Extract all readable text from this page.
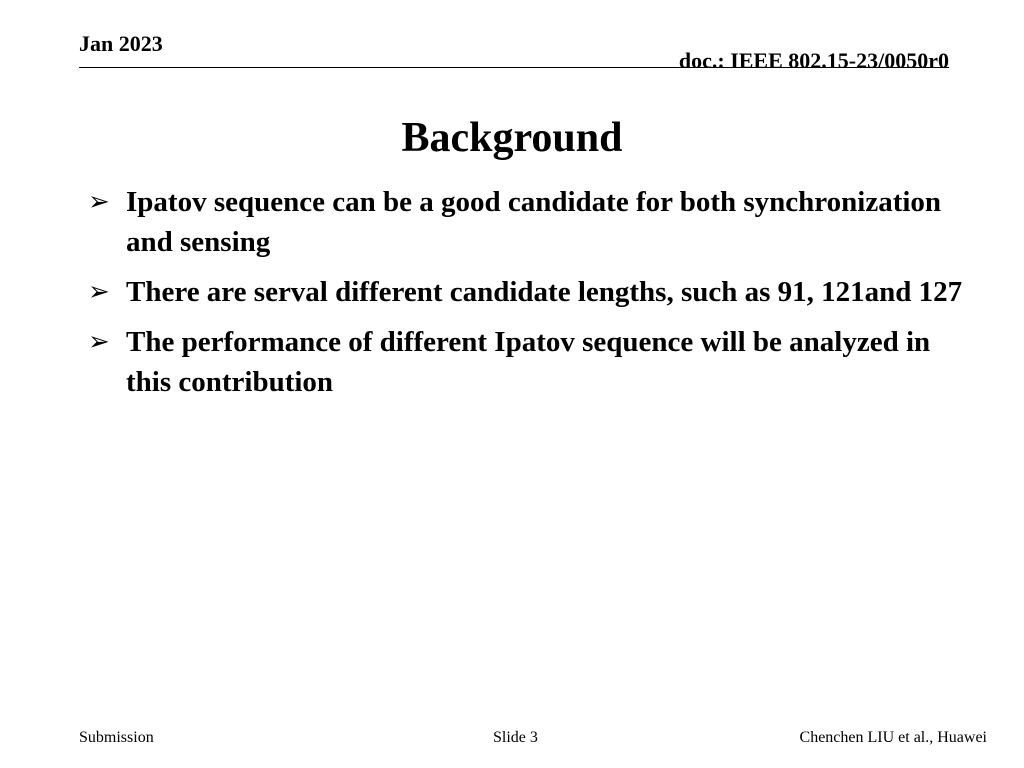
Jan 2023
doc.: IEEE 802.15-23/0050r0
Background
➢ Ipatov sequence can be a good candidate for both synchronization and sensing
➢ There are serval different candidate lengths, such as 91, 121and 127
➢ The performance of different Ipatov sequence will be analyzed in this contribution
Submission	Slide 3	Chenchen LIU et al., Huawei
